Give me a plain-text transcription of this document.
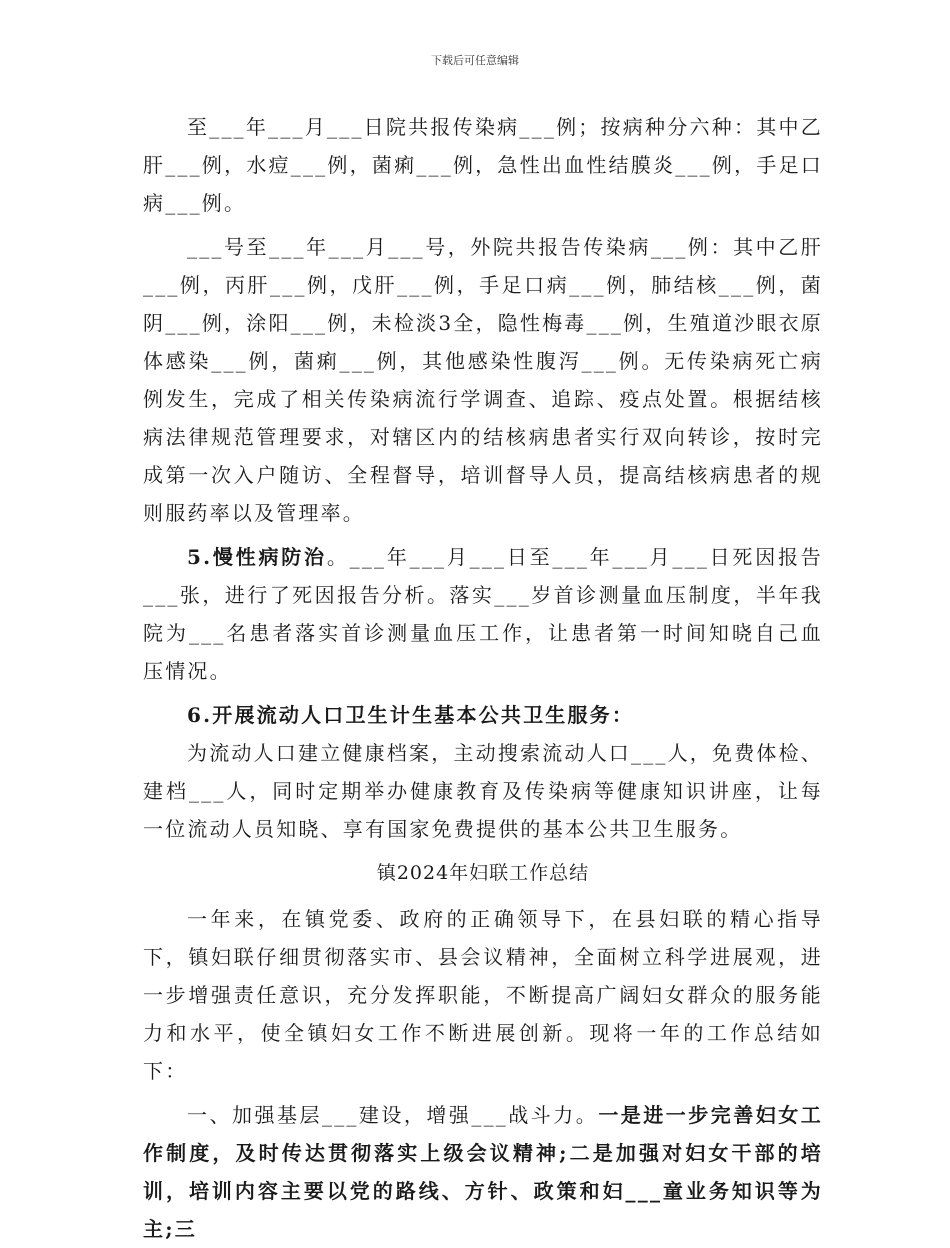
下载后可任意编辑

至___年___月___日院共报传染病___例；按病种分六种：其中乙肝___例，水痘___例，菌痢___例，急性出血性结膜炎___例，手足口病___例。

___号至___年___月___号，外院共报告传染病___例：其中乙肝___例，丙肝___例，戊肝___例，手足口病___例，肺结核___例，菌阴___例，涂阳___例，未检淡3全，隐性梅毒___例，生殖道沙眼衣原体感染___例，菌痢___例，其他感染性腹泻___例。无传染病死亡病例发生，完成了相关传染病流行学调查、追踪、疫点处置。根据结核病法律规范管理要求，对辖区内的结核病患者实行双向转诊，按时完成第一次入户随访、全程督导，培训督导人员，提高结核病患者的规则服药率以及管理率。

5.慢性病防治。___年___月___日至___年___月___日死因报告___张，进行了死因报告分析。落实___岁首诊测量血压制度，半年我院为___名患者落实首诊测量血压工作，让患者第一时间知晓自己血压情况。

6.开展流动人口卫生计生基本公共卫生服务：

为流动人口建立健康档案，主动搜索流动人口___人，免费体检、建档___人，同时定期举办健康教育及传染病等健康知识讲座，让每一位流动人员知晓、享有国家免费提供的基本公共卫生服务。

镇2024年妇联工作总结

一年来，在镇党委、政府的正确领导下，在县妇联的精心指导下，镇妇联仔细贯彻落实市、县会议精神，全面树立科学进展观，进一步增强责任意识，充分发挥职能，不断提高广阔妇女群众的服务能力和水平，使全镇妇女工作不断进展创新。现将一年的工作总结如下：

一、加强基层___建设，增强___战斗力。一是进一步完善妇女工作制度，及时传达贯彻落实上级会议精神;二是加强对妇女干部的培训，培训内容主要以党的路线、方针、政策和妇___童业务知识等为主;三
